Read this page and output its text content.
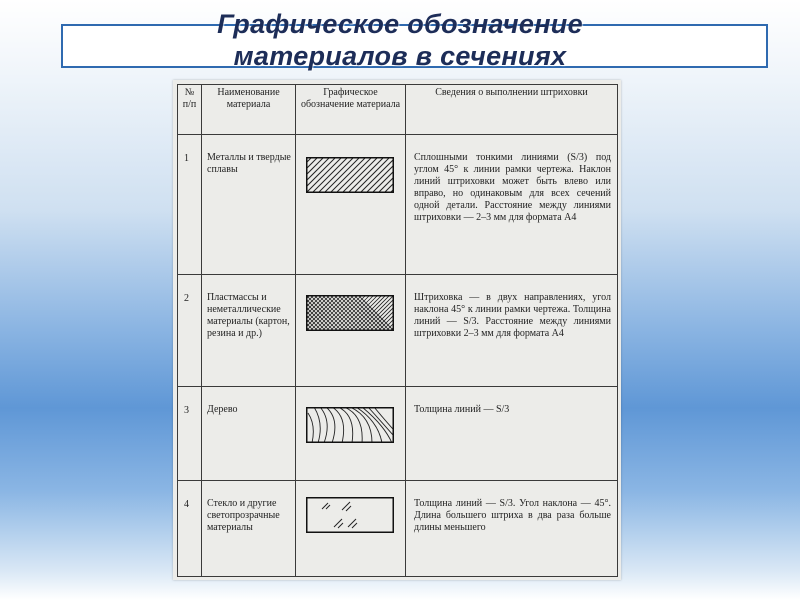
Графическое обозначение
материалов в сечениях
№ п/п	Наименование материала	Графическое обозначение материала	Сведения о выполнении штриховки
1	Металлы и твердые сплавы		Сплошными тонкими линиями (S/3) под углом 45° к линии рамки чертежа. Наклон линий штриховки может быть влево или вправо, но одинаковым для всех сечений одной детали. Расстояние между линиями штриховки — 2–3 мм для формата А4
2	Пластмассы и неметаллические материалы (картон, резина и др.)		Штриховка — в двух направлениях, угол наклона 45° к линии рамки чертежа. Толщина линий — S/3. Расстояние между линиями штриховки 2–3 мм для формата А4
3	Дерево		Толщина линий — S/3
4	Стекло и другие светопрозрачные материалы		Толщина линий — S/3. Угол наклона — 45°. Длина большего штриха в два раза больше длины меньшего
